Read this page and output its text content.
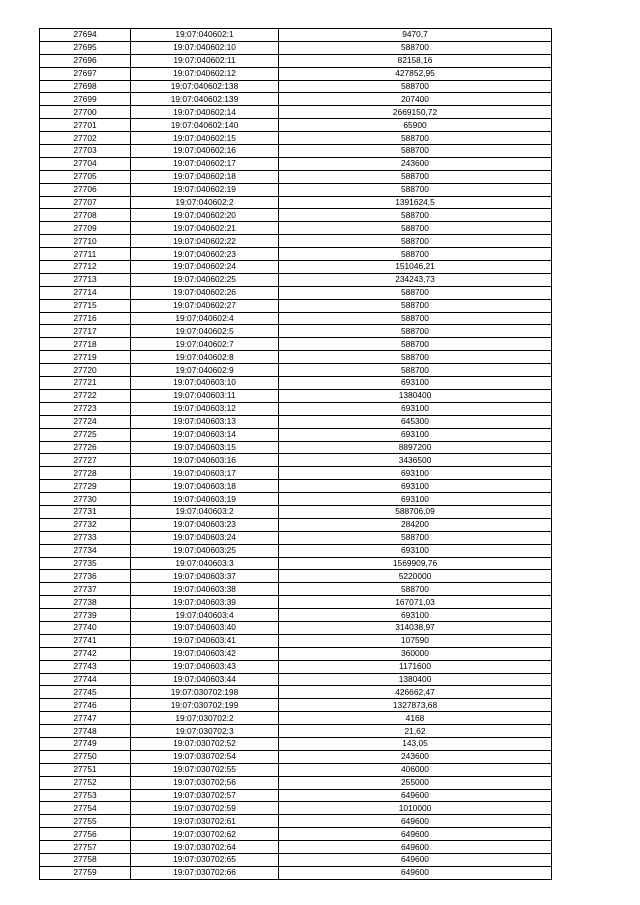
27694	19:07:040602:1	9470,7
27695	19:07:040602:10	588700
27696	19:07:040602:11	82158,16
27697	19:07:040602:12	427852,95
27698	19:07:040602:138	588700
27699	19:07:040602:139	207400
27700	19:07:040602:14	2669150,72
27701	19:07:040602:140	65900
27702	19:07:040602:15	588700
27703	19:07:040602:16	588700
27704	19:07:040602:17	243600
27705	19:07:040602:18	588700
27706	19:07:040602:19	588700
27707	19:07:040602:2	1391624,5
27708	19:07:040602:20	588700
27709	19:07:040602:21	588700
27710	19:07:040602:22	588700
27711	19:07:040602:23	588700
27712	19:07:040602:24	151046,21
27713	19:07:040602:25	234243,73
27714	19:07:040602:26	588700
27715	19:07:040602:27	588700
27716	19:07:040602:4	588700
27717	19:07:040602:5	588700
27718	19:07:040602:7	588700
27719	19:07:040602:8	588700
27720	19:07:040602:9	588700
27721	19:07:040603:10	693100
27722	19:07:040603:11	1380400
27723	19:07:040603:12	693100
27724	19:07:040603:13	645300
27725	19:07:040603:14	693100
27726	19:07:040603:15	8897200
27727	19:07:040603:16	3436500
27728	19:07:040603:17	693100
27729	19:07:040603:18	693100
27730	19:07:040603:19	693100
27731	19:07:040603:2	588706,09
27732	19:07:040603:23	284200
27733	19:07:040603:24	588700
27734	19:07:040603:25	693100
27735	19:07:040603:3	1569909,76
27736	19:07:040603:37	5220000
27737	19:07:040603:38	588700
27738	19:07:040603:39	167071,03
27739	19:07:040603:4	693100
27740	19:07:040603:40	314038,97
27741	19:07:040603:41	107590
27742	19:07:040603:42	360000
27743	19:07:040603:43	1171600
27744	19:07:040603:44	1380400
27745	19:07:030702:198	426662,47
27746	19:07:030702:199	1327873,68
27747	19:07:030702:2	4168
27748	19:07:030702:3	21,62
27749	19:07:030702:52	143,05
27750	19:07:030702:54	243600
27751	19:07:030702:55	406000
27752	19:07:030702:56	255000
27753	19:07:030702:57	649600
27754	19:07:030702:59	1010000
27755	19:07:030702:61	649600
27756	19:07:030702:62	649600
27757	19:07:030702:64	649600
27758	19:07:030702:65	649600
27759	19:07:030702:66	649600
